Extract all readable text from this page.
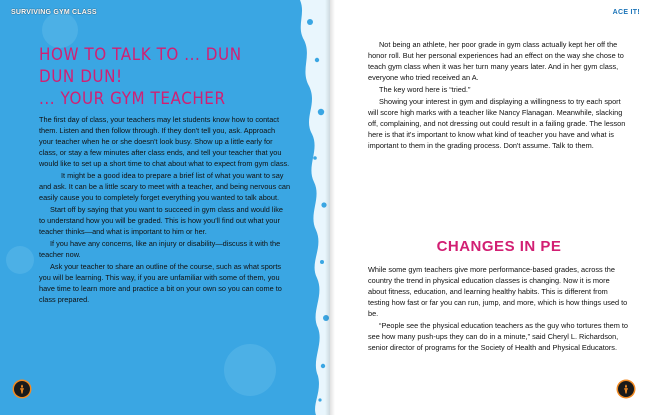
SURVIVING GYM CLASS	ACE IT!
HOW TO TALK TO ... DUN DUN DUN!
... YOUR GYM TEACHER

The first day of class, your teachers may let students know how to contact them. Listen and then follow through. If they don't tell you, ask. Approach your teacher when he or she doesn't look busy. Show up a little early for class, or stay a few minutes after class ends, and tell your teacher that you would like to set up a short time to chat about what to expect from gym class.

It might be a good idea to prepare a brief list of what you want to say and ask. It can be a little scary to meet with a teacher, and being nervous can easily cause you to completely forget everything you wanted to talk about.

Start off by saying that you want to succeed in gym class and would like to understand how you will be graded. This is how you'll find out what your teacher thinks—and what is important to him or her.

If you have any concerns, like an injury or disability—discuss it with the teacher now.

Ask your teacher to share an outline of the course, such as what sports you will be learning. This way, if you are unfamiliar with some of them, you have time to learn more and practice a bit on your own so you can come to class prepared.

Not being an athlete, her poor grade in gym class actually kept her off the honor roll. But her personal experiences had an effect on the way she chose to teach gym class when it was her turn many years later. And in her gym class, everyone who tried received an A.

The key word here is “tried.”

Showing your interest in gym and displaying a willingness to try each sport will score high marks with a teacher like Nancy Flanagan. Meanwhile, slacking off, complaining, and not dressing out could result in a failing grade. The lesson here is that it's important to know what kind of teacher you have and what is important to them in the grading process. Don't assume. Talk to them.

CHANGES IN PE

While some gym teachers give more performance-based grades, across the country the trend in physical education classes is changing. Now it is more about fitness, education, and learning healthy habits. This is different from testing how fast or far you can run, jump, and more, which is how things used to be.

“People see the physical education teachers as the guy who tortures them to see how many push-ups they can do in a minute,” said Cheryl L. Richardson, senior director of programs for the Society of Health and Physical Educators.
